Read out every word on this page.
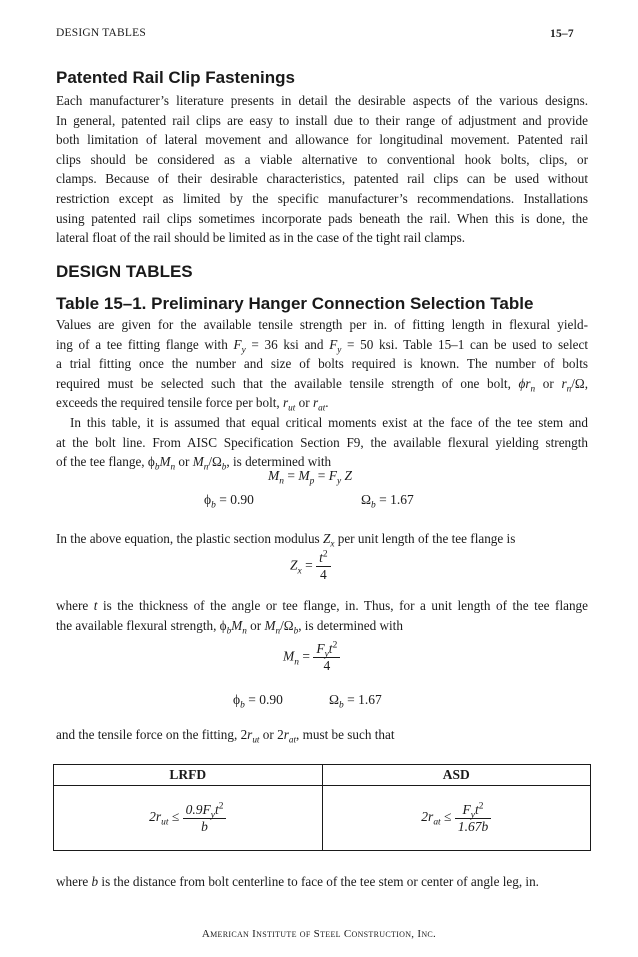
DESIGN TABLES	15–7
Patented Rail Clip Fastenings
Each manufacturer’s literature presents in detail the desirable aspects of the various designs.
In general, patented rail clips are easy to install due to their range of adjustment and provide
both limitation of lateral movement and allowance for longitudinal movement. Patented rail
clips should be considered as a viable alternative to conventional hook bolts, clips, or
clamps. Because of their desirable characteristics, patented rail clips can be used without
restriction except as limited by the specific manufacturer’s recommendations. Installations
using patented rail clips sometimes incorporate pads beneath the rail. When this is done, the
lateral float of the rail should be limited as in the case of the tight rail clamps.
DESIGN TABLES
Table 15–1. Preliminary Hanger Connection Selection Table
Values are given for the available tensile strength per in. of fitting length in flexural yield-
ing of a tee fitting flange with $F_y = 36$ ksi and $F_y = 50$ ksi. Table 15–1 can be used to select
a trial fitting once the number and size of bolts required is known. The number of bolts
required must be selected such that the available tensile strength of one bolt, $\phi r_n$ or $r_n/\Omega$,
exceeds the required tensile force per bolt, $r_{ut}$ or $r_{at}$.
In this table, it is assumed that equal critical moments exist at the face of the tee stem and
at the bolt line. From AISC Specification Section F9, the available flexural yielding strength
of the tee flange, $\phi_bM_n$ or $M_n/\Omega_b$, is determined with
$M_n = M_p = F_y$ Z
$\phi_b = 0.90$	$\Omega_b = 1.67$
In the above equation, the plastic section modulus $Z_x$ per unit length of the tee flange is
$Z_x = \frac{t^2}{4}$
where t is the thickness of the angle or tee flange, in. Thus, for a unit length of the tee flange
the available flexural strength, $\phi_bM_n$ or $M_n/\Omega_b$, is determined with
$M_n = \frac{F_yt^2}{4}$
$\phi_b = 0.90$	$\Omega_b = 1.67$
and the tensile force on the fitting, $2r_{ut}$ or $2r_{at}$, must be such that
LRFD	ASD
$2r_{ut} \le \frac{0.9F_yt^2}{b}$	$2r_{at} \le \frac{F_yt^2}{1.67b}$
where b is the distance from bolt centerline to face of the tee stem or center of angle leg, in.
American Institute of Steel Construction, Inc.
